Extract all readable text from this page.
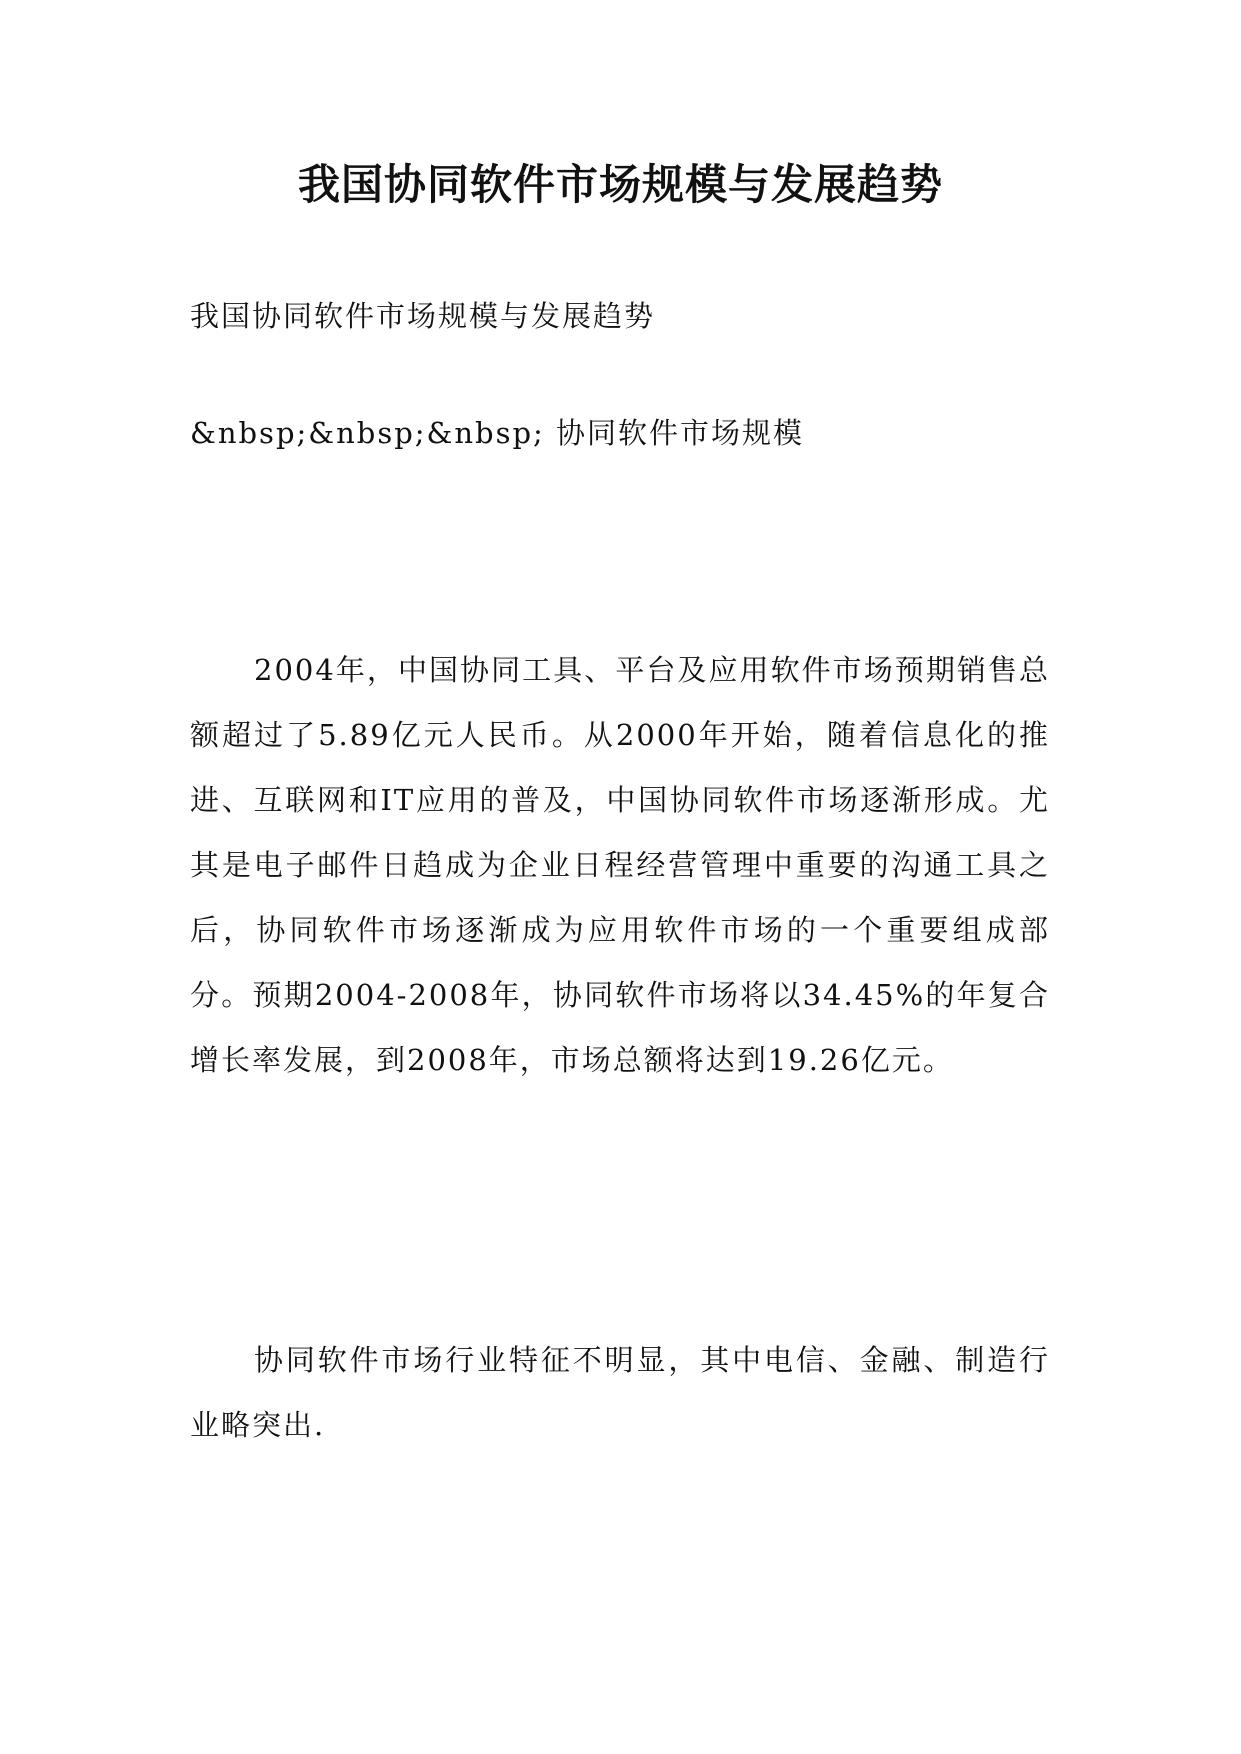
我国协同软件市场规模与发展趋势

我国协同软件市场规模与发展趋势

&nbsp;&nbsp;&nbsp; 协同软件市场规模

2004年，中国协同工具、平台及应用软件市场预期销售总额超过了5.89亿元人民币。从2000年开始，随着信息化的推进、互联网和IT应用的普及，中国协同软件市场逐渐形成。尤其是电子邮件日趋成为企业日程经营管理中重要的沟通工具之后，协同软件市场逐渐成为应用软件市场的一个重要组成部分。预期2004-2008年，协同软件市场将以34.45%的年复合增长率发展，到2008年，市场总额将达到19.26亿元。

协同软件市场行业特征不明显，其中电信、金融、制造行业略突出.
